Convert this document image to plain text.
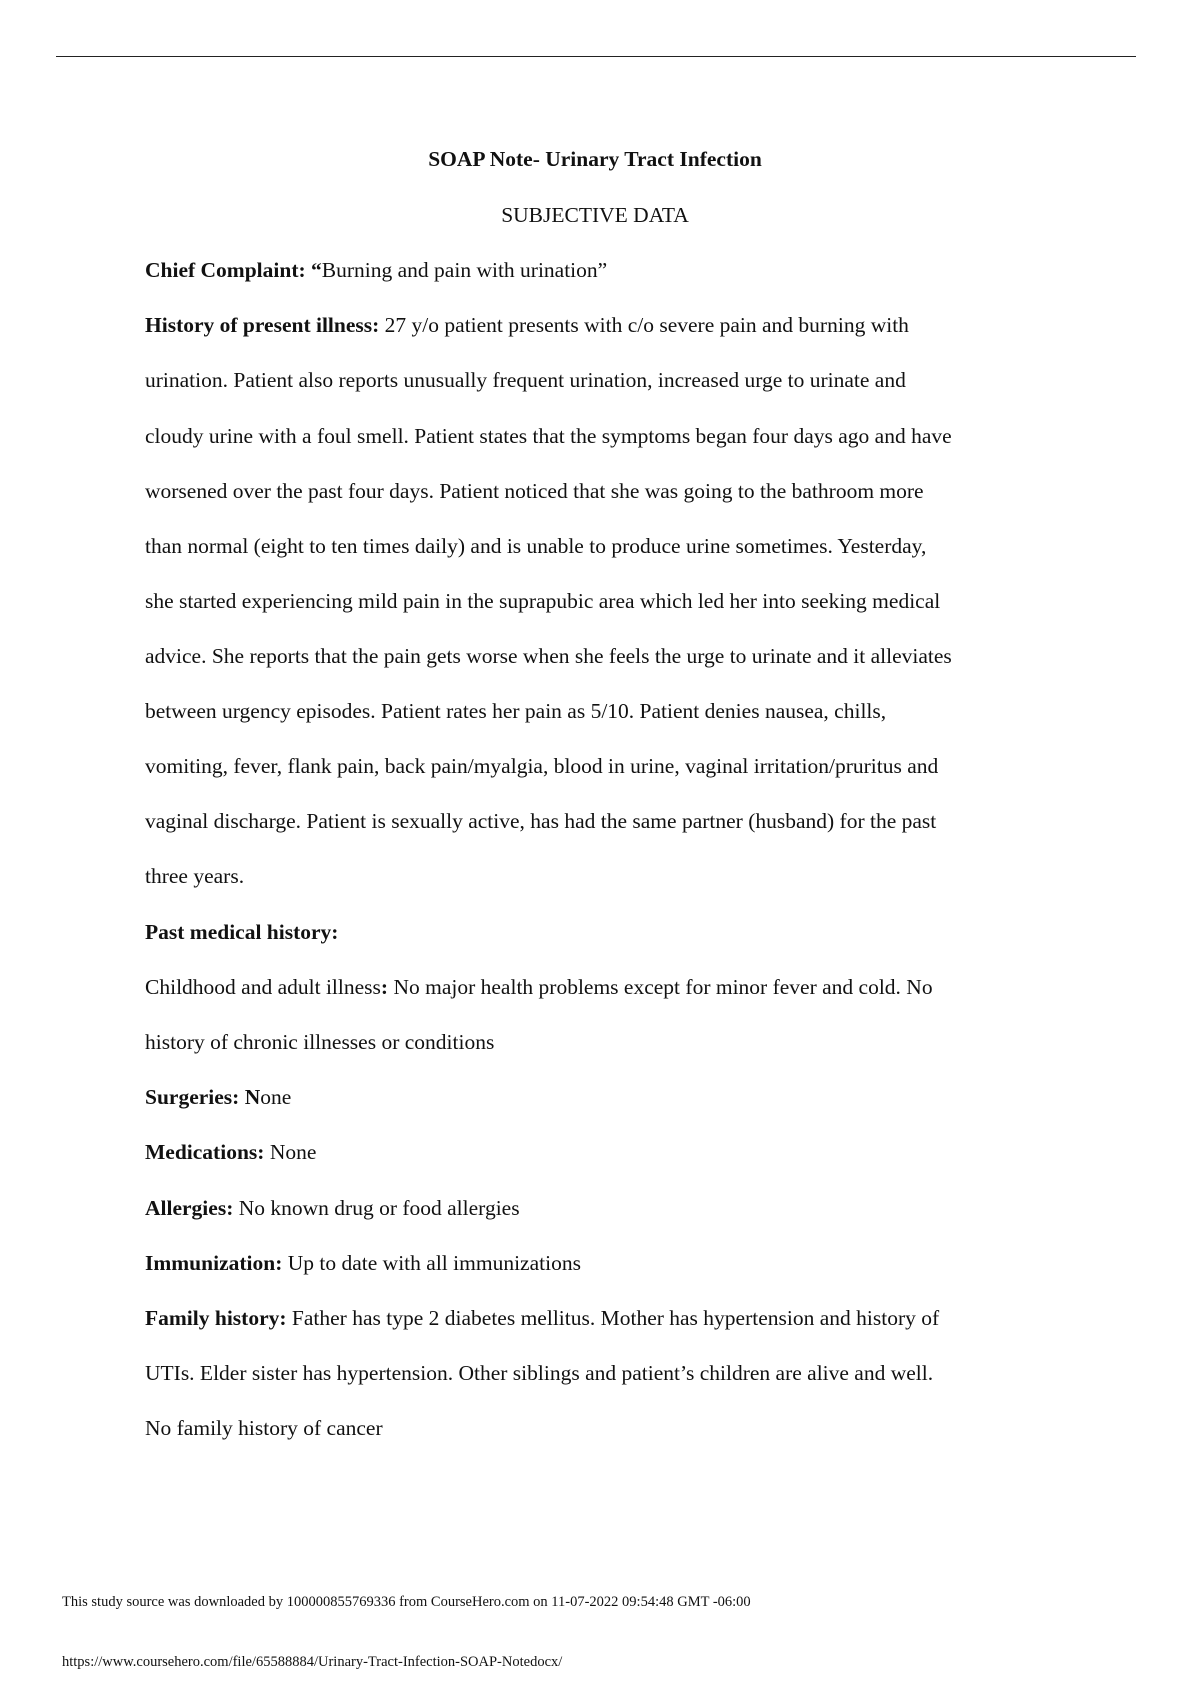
SOAP Note- Urinary Tract Infection
SUBJECTIVE DATA
Chief Complaint: “Burning and pain with urination”
History of present illness: 27 y/o patient presents with c/o severe pain and burning with
urination. Patient also reports unusually frequent urination, increased urge to urinate and
cloudy urine with a foul smell. Patient states that the symptoms began four days ago and have
worsened over the past four days. Patient noticed that she was going to the bathroom more
than normal (eight to ten times daily) and is unable to produce urine sometimes. Yesterday,
she started experiencing mild pain in the suprapubic area which led her into seeking medical
advice. She reports that the pain gets worse when she feels the urge to urinate and it alleviates
between urgency episodes. Patient rates her pain as 5/10. Patient denies nausea, chills,
vomiting, fever, flank pain, back pain/myalgia, blood in urine, vaginal irritation/pruritus and
vaginal discharge. Patient is sexually active, has had the same partner (husband) for the past
three years.
Past medical history:
Childhood and adult illness: No major health problems except for minor fever and cold. No
history of chronic illnesses or conditions
Surgeries: None
Medications: None
Allergies: No known drug or food allergies
Immunization: Up to date with all immunizations
Family history: Father has type 2 diabetes mellitus. Mother has hypertension and history of
UTIs. Elder sister has hypertension. Other siblings and patient’s children are alive and well.
No family history of cancer
This study source was downloaded by 100000855769336 from CourseHero.com on 11-07-2022 09:54:48 GMT -06:00
https://www.coursehero.com/file/65588884/Urinary-Tract-Infection-SOAP-Notedocx/
